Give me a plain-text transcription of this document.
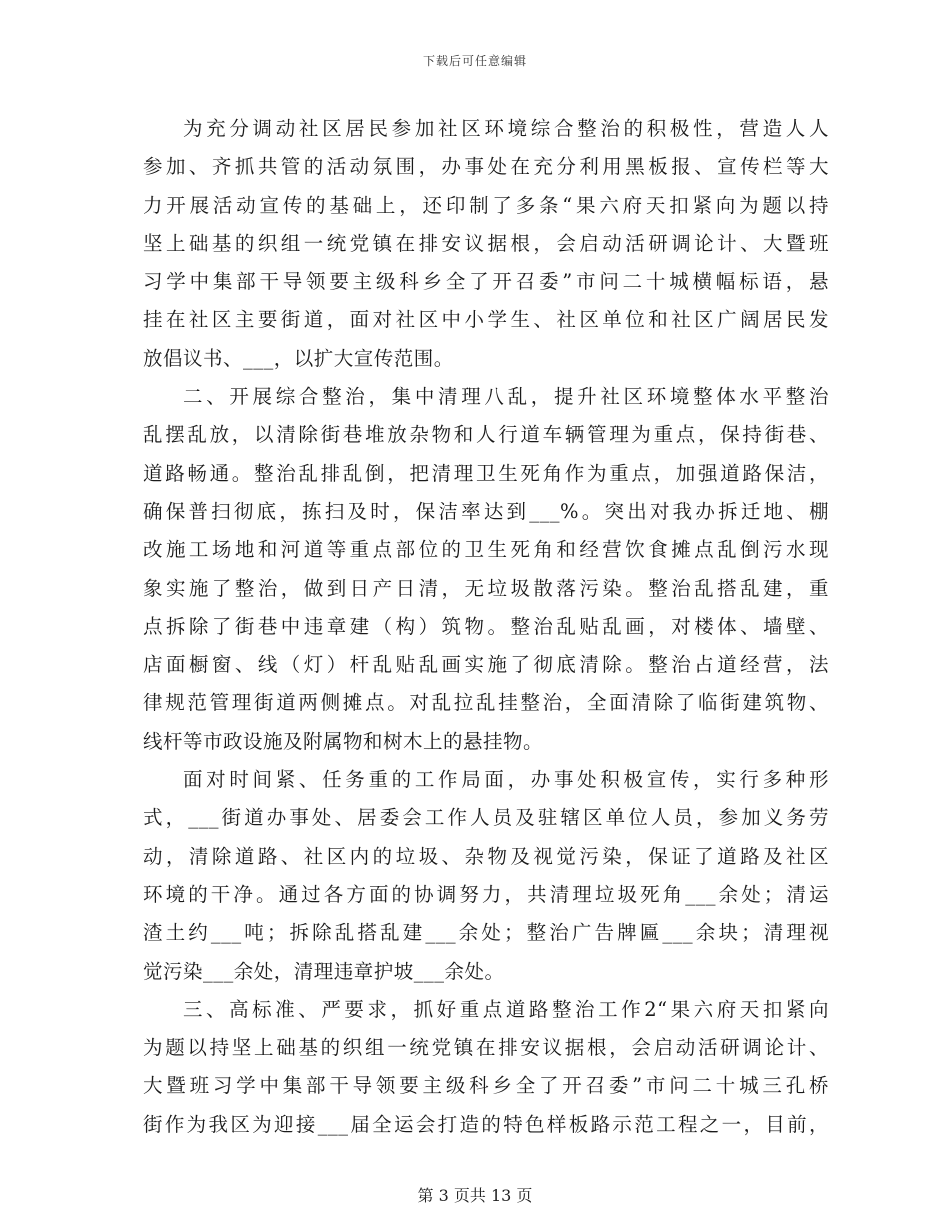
下载后可任意编辑
为充分调动社区居民参加社区环境综合整治的积极性，营造人人
参加、齐抓共管的活动氛围，办事处在充分利用黑板报、宣传栏等大
力开展活动宣传的基础上，还印制了多条“果六府天扣紧向为题以持
坚上础基的织组一统党镇在排安议据根，会启动活研调论计、大暨班
习学中集部干导领要主级科乡全了开召委”市问二十城横幅标语，悬
挂在社区主要街道，面对社区中小学生、社区单位和社区广阔居民发
放倡议书、___，以扩大宣传范围。
二、开展综合整治，集中清理八乱，提升社区环境整体水平整治
乱摆乱放，以清除街巷堆放杂物和人行道车辆管理为重点，保持街巷、
道路畅通。整治乱排乱倒，把清理卫生死角作为重点，加强道路保洁，
确保普扫彻底，拣扫及时，保洁率达到___%。突出对我办拆迁地、棚
改施工场地和河道等重点部位的卫生死角和经营饮食摊点乱倒污水现
象实施了整治，做到日产日清，无垃圾散落污染。整治乱搭乱建，重
点拆除了街巷中违章建（构）筑物。整治乱贴乱画，对楼体、墙壁、
店面橱窗、线（灯）杆乱贴乱画实施了彻底清除。整治占道经营，法
律规范管理街道两侧摊点。对乱拉乱挂整治，全面清除了临街建筑物、
线杆等市政设施及附属物和树木上的悬挂物。
面对时间紧、任务重的工作局面，办事处积极宣传，实行多种形
式，___街道办事处、居委会工作人员及驻辖区单位人员，参加义务劳
动，清除道路、社区内的垃圾、杂物及视觉污染，保证了道路及社区
环境的干净。通过各方面的协调努力，共清理垃圾死角___余处；清运
渣土约___吨；拆除乱搭乱建___余处；整治广告牌匾___余块；清理视
觉污染___余处，清理违章护坡___余处。
三、高标准、严要求，抓好重点道路整治工作2“果六府天扣紧向
为题以持坚上础基的织组一统党镇在排安议据根，会启动活研调论计、
大暨班习学中集部干导领要主级科乡全了开召委”市问二十城三孔桥
街作为我区为迎接___届全运会打造的特色样板路示范工程之一，目前，
第 3 页共 13 页
